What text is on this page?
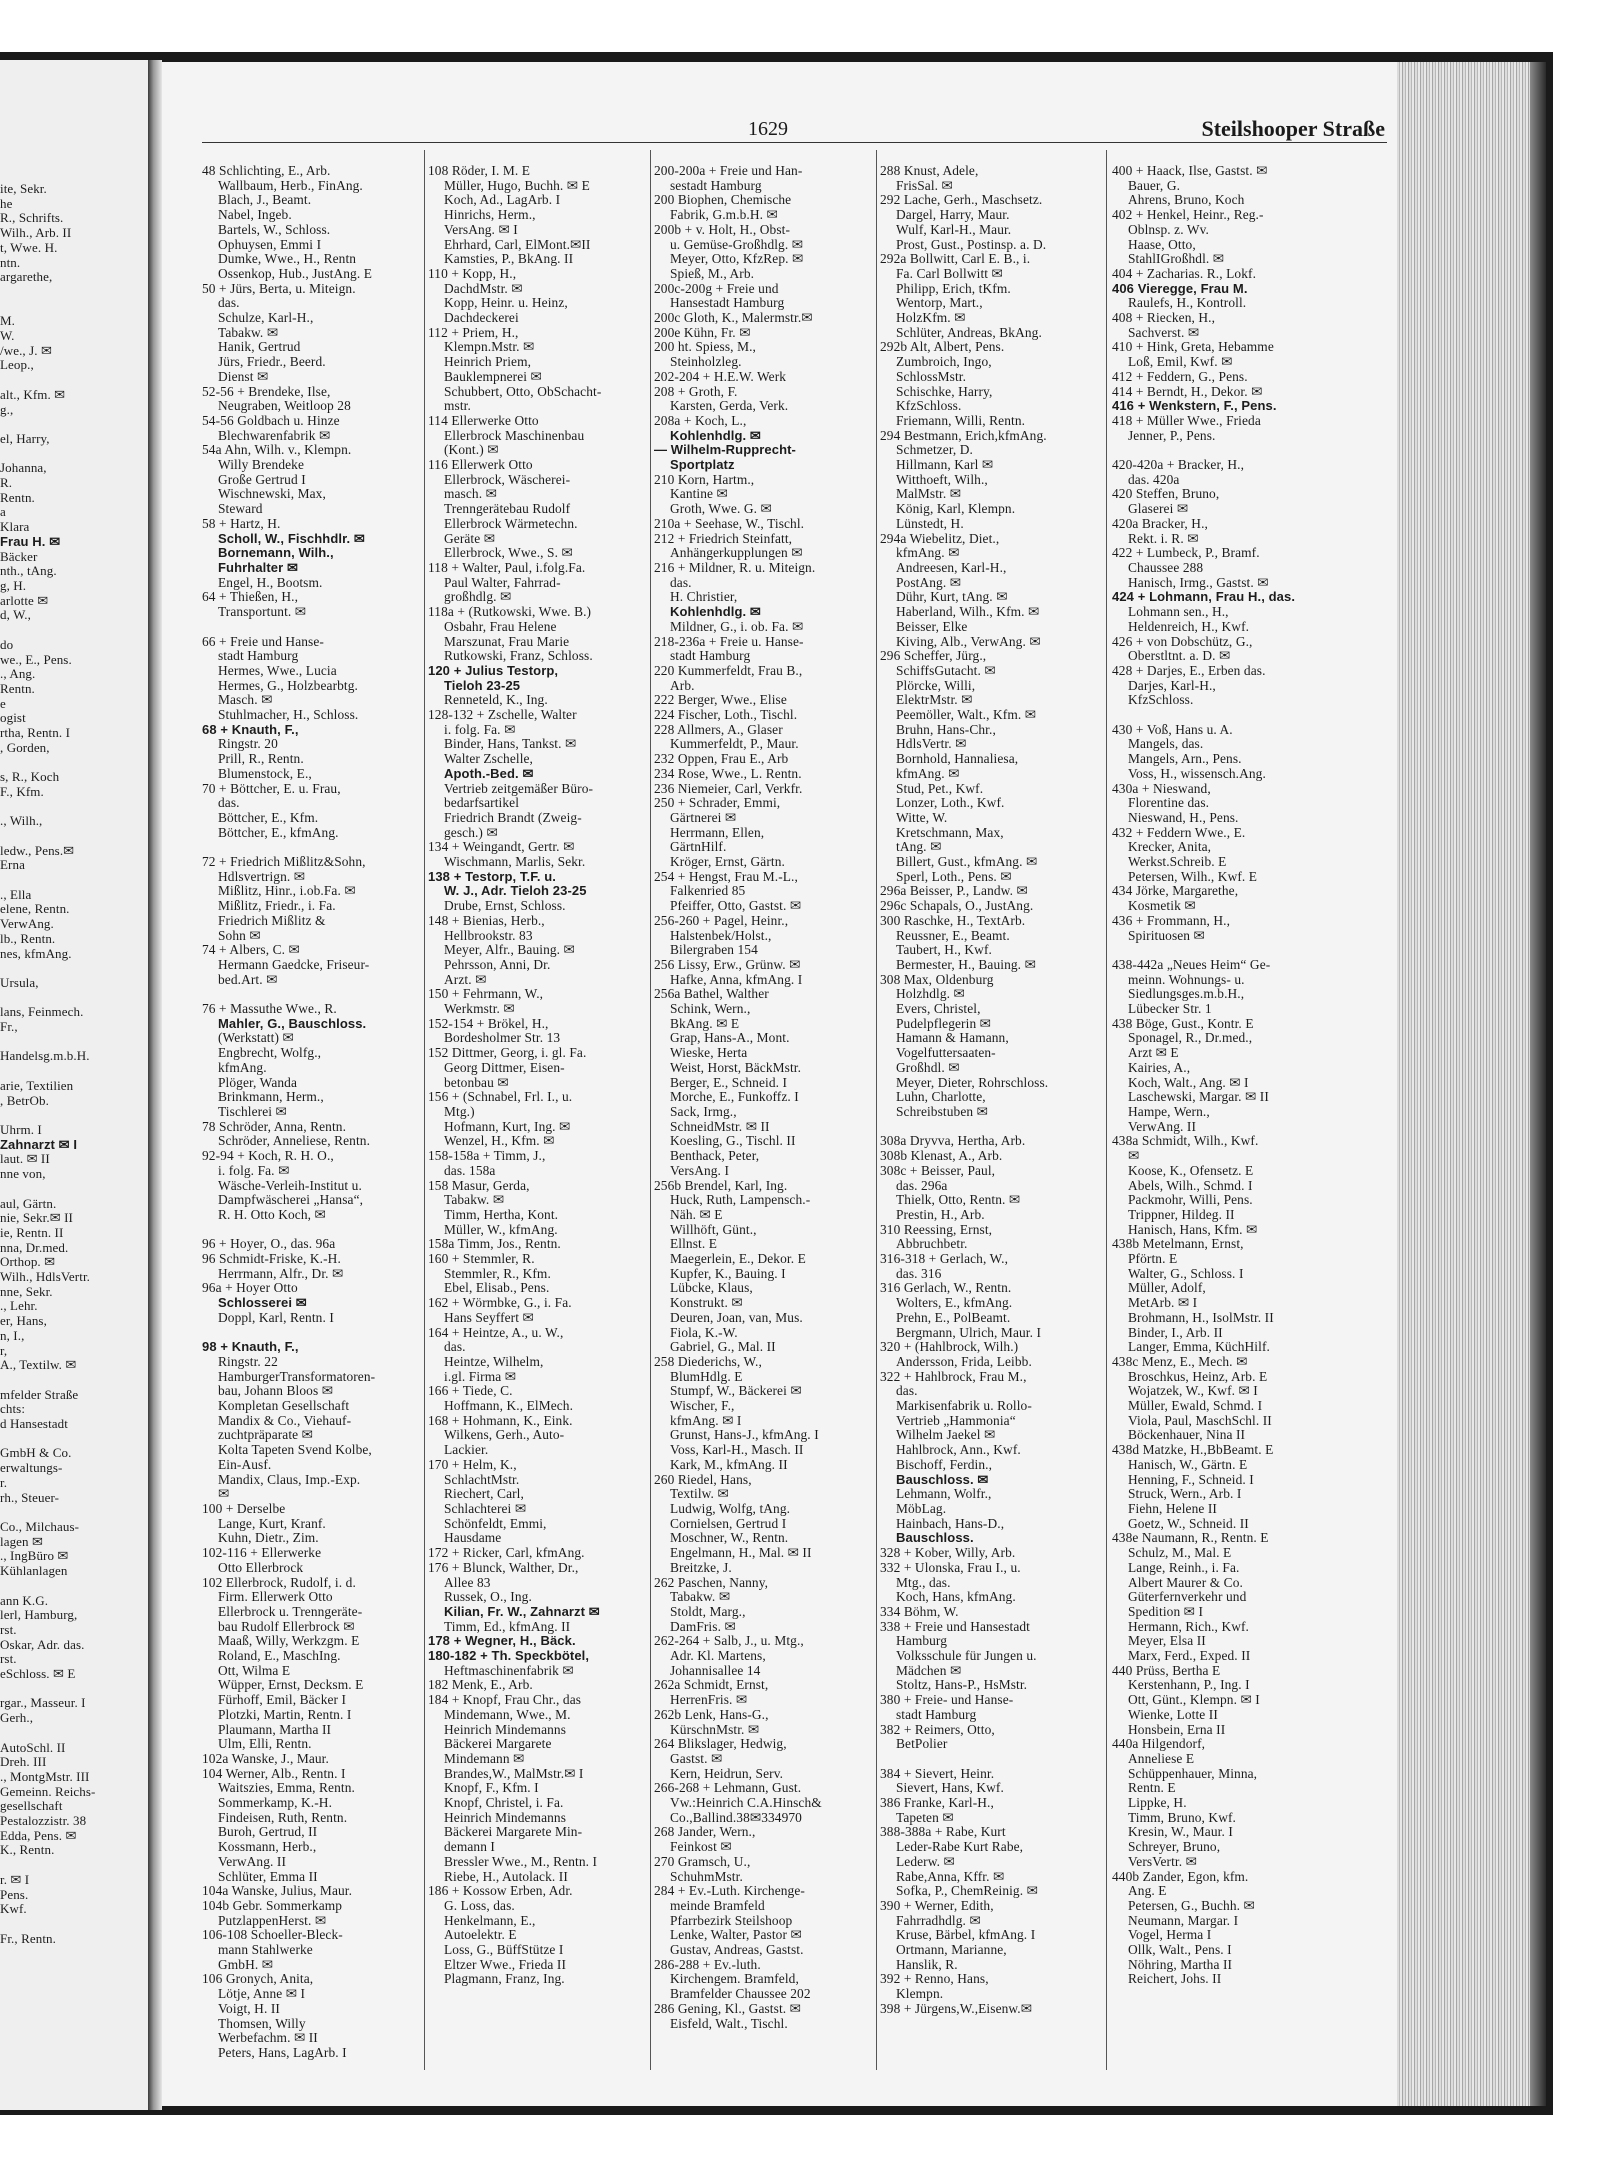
ite, Sekr.
he
R., Schrifts.
Wilh., Arb. II
t, Wwe. H.
ntn.
argarethe,

M.
W.
/we., J. ✉
Leop.,

alt., Kfm. ✉
g.,

el, Harry,

Johanna,
R.
Rentn.
a
Klara
Frau H. ✉
Bäcker
nth., tAng.
g, H.
arlotte ✉
d, W.,

do
we., E., Pens.
., Ang.
Rentn.
e
ogist
rtha, Rentn. I
, Gorden,

s, R., Koch
F., Kfm.

., Wilh.,

ledw., Pens.✉
Erna

., Ella
elene, Rentn.
VerwAng.
lb., Rentn.
nes, kfmAng.

Ursula,

lans, Feinmech.
Fr.,

Handelsg.m.b.H.

arie, Textilien
, BetrOb.

Uhrm. I
Zahnarzt ✉ I
laut. ✉ II
nne von,

aul, Gärtn.
nie, Sekr.✉ II
ie, Rentn. II
nna, Dr.med.
Orthop. ✉
Wilh., HdlsVertr.
nne, Sekr.
., Lehr.
er, Hans,
n, I.,
r,
A., Textilw. ✉

mfelder Straße
chts:
d Hansestadt

GmbH & Co.
erwaltungs-
r.
rh., Steuer-

Co., Milchaus-
lagen ✉
., IngBüro ✉
Kühlanlagen

ann K.G.
lerl, Hamburg,
rst.
Oskar, Adr. das.
rst.
eSchloss. ✉ E

rgar., Masseur. I
Gerh.,

AutoSchl. II
Dreh. III
., MontgMstr. III
Gemeinn. Reichs-
gesellschaft
Pestalozzistr. 38
Edda, Pens. ✉
K., Rentn.

r. ✉ I
Pens.
Kwf.

Fr., Rentn.
1629	Steilshooper Straße
48 Schlichting, E., Arb.
Wallbaum, Herb., FinAng.
Blach, J., Beamt.
Nabel, Ingeb.
Bartels, W., Schloss.
Ophuysen, Emmi I
Dumke, Wwe., H., Rentn
Ossenkop, Hub., JustAng. E
50 + Jürs, Berta, u. Miteign.
das.
Schulze, Karl-H.,
Tabakw. ✉
Hanik, Gertrud
Jürs, Friedr., Beerd.
Dienst ✉
52-56 + Brendeke, Ilse,
Neugraben, Weitloop 28
54-56 Goldbach u. Hinze
Blechwarenfabrik ✉
54a Ahn, Wilh. v., Klempn.
Willy Brendeke
Große Gertrud I
Wischnewski, Max,
Steward
58 + Hartz, H.
Scholl, W., Fischhdlr. ✉
Bornemann, Wilh.,
Fuhrhalter ✉
Engel, H., Bootsm.
64 + Thießen, H.,
Transportunt. ✉

66 + Freie und Hanse-
stadt Hamburg
Hermes, Wwe., Lucia
Hermes, G., Holzbearbtg.
Masch. ✉
Stuhlmacher, H., Schloss.
68 + Knauth, F.,
Ringstr. 20
Prill, R., Rentn.
Blumenstock, E.,
70 + Böttcher, E. u. Frau,
das.
Böttcher, E., Kfm.
Böttcher, E., kfmAng.

72 + Friedrich Mißlitz&Sohn,
Hdlsvertrign. ✉
Mißlitz, Hinr., i.ob.Fa. ✉
Mißlitz, Friedr., i. Fa.
Friedrich Mißlitz &
Sohn ✉
74 + Albers, C. ✉
Hermann Gaedcke, Friseur-
bed.Art. ✉

76 + Massuthe Wwe., R.
Mahler, G., Bauschloss.
(Werkstatt) ✉
Engbrecht, Wolfg.,
kfmAng.
Plöger, Wanda
Brinkmann, Herm.,
Tischlerei ✉
78 Schröder, Anna, Rentn.
Schröder, Anneliese, Rentn.
92-94 + Koch, R. H. O.,
i. folg. Fa. ✉
Wäsche-Verleih-Institut u.
Dampfwäscherei „Hansa“,
R. H. Otto Koch, ✉

96 + Hoyer, O., das. 96a
96 Schmidt-Friske, K.-H.
Herrmann, Alfr., Dr. ✉
96a + Hoyer Otto
Schlosserei ✉
Doppl, Karl, Rentn. I

98 + Knauth, F.,
Ringstr. 22
HamburgerTransformatoren-
bau, Johann Bloos ✉
Kompletan Gesellschaft
Mandix & Co., Viehauf-
zuchtpräparate ✉
Kolta Tapeten Svend Kolbe,
Ein-Ausf.
Mandix, Claus, Imp.-Exp.
✉
100 + Derselbe
Lange, Kurt, Kranf.
Kuhn, Dietr., Zim.
102-116 + Ellerwerke
Otto Ellerbrock
102 Ellerbrock, Rudolf, i. d.
Firm. Ellerwerk Otto
Ellerbrock u. Trenngeräte-
bau Rudolf Ellerbrock ✉
Maaß, Willy, Werkzgm. E
Roland, E., MaschIng.
Ott, Wilma E
Wüpper, Ernst, Decksm. E
Fürhoff, Emil, Bäcker I
Plotzki, Martin, Rentn. I
Plaumann, Martha II
Ulm, Elli, Rentn.
102a Wanske, J., Maur.
104 Werner, Alb., Rentn. I
Waitszies, Emma, Rentn.
Sommerkamp, K.-H.
Findeisen, Ruth, Rentn.
Buroh, Gertrud, II
Kossmann, Herb.,
VerwAng. II
Schlüter, Emma II
104a Wanske, Julius, Maur.
104b Gebr. Sommerkamp
PutzlappenHerst. ✉
106-108 Schoeller-Bleck-
mann Stahlwerke
GmbH. ✉
106 Gronych, Anita,
Lötje, Anne ✉ I
Voigt, H. II
Thomsen, Willy
Werbefachm. ✉ II
Peters, Hans, LagArb. I
108 Röder, I. M. E
Müller, Hugo, Buchh. ✉ E
Koch, Ad., LagArb. I
Hinrichs, Herm.,
VersAng. ✉ I
Ehrhard, Carl, ElMont.✉II
Kamsties, P., BkAng. II
110 + Kopp, H.,
DachdMstr. ✉
Kopp, Heinr. u. Heinz,
Dachdeckerei
112 + Priem, H.,
Klempn.Mstr. ✉
Heinrich Priem,
Bauklempnerei ✉
Schubbert, Otto, ObSchacht-
mstr.
114 Ellerwerke Otto
Ellerbrock Maschinenbau
(Kont.) ✉
116 Ellerwerk Otto
Ellerbrock, Wäscherei-
masch. ✉
Trenngerätebau Rudolf
Ellerbrock Wärmetechn.
Geräte ✉
Ellerbrock, Wwe., S. ✉
118 + Walter, Paul, i.folg.Fa.
Paul Walter, Fahrrad-
großhdlg. ✉
118a + (Rutkowski, Wwe. B.)
Osbahr, Frau Helene
Marszunat, Frau Marie
Rutkowski, Franz, Schloss.
120 + Julius Testorp,
Tieloh 23-25
Renneteld, K., Ing.
128-132 + Zschelle, Walter
i. folg. Fa. ✉
Binder, Hans, Tankst. ✉
Walter Zschelle,
Apoth.-Bed. ✉
Vertrieb zeitgemäßer Büro-
bedarfsartikel
Friedrich Brandt (Zweig-
gesch.) ✉
134 + Weingandt, Gertr. ✉
Wischmann, Marlis, Sekr.
138 + Testorp, T.F. u.
W. J., Adr. Tieloh 23-25
Drube, Ernst, Schloss.
148 + Bienias, Herb.,
Hellbrookstr. 83
Meyer, Alfr., Bauing. ✉
Pehrsson, Anni, Dr.
Arzt. ✉
150 + Fehrmann, W.,
Werkmstr. ✉
152-154 + Brökel, H.,
Bordesholmer Str. 13
152 Dittmer, Georg, i. gl. Fa.
Georg Dittmer, Eisen-
betonbau ✉
156 + (Schnabel, Frl. I., u.
Mtg.)
Hofmann, Kurt, Ing. ✉
Wenzel, H., Kfm. ✉
158-158a + Timm, J.,
das. 158a
158 Masur, Gerda,
Tabakw. ✉
Timm, Hertha, Kont.
Müller, W., kfmAng.
158a Timm, Jos., Rentn.
160 + Stemmler, R.
Stemmler, R., Kfm.
Ebel, Elisab., Pens.
162 + Wörmbke, G., i. Fa.
Hans Seyffert ✉
164 + Heintze, A., u. W.,
das.
Heintze, Wilhelm,
i.gl. Firma ✉
166 + Tiede, C.
Hoffmann, K., ElMech.
168 + Hohmann, K., Eink.
Wilkens, Gerh., Auto-
Lackier.
170 + Helm, K.,
SchlachtMstr.
Riechert, Carl,
Schlachterei ✉
Schönfeldt, Emmi,
Hausdame
172 + Ricker, Carl, kfmAng.
176 + Blunck, Walther, Dr.,
Allee 83
Russek, O., Ing.
Kilian, Fr. W., Zahnarzt ✉
Timm, Ed., kfmAng. II
178 + Wegner, H., Bäck.
180-182 + Th. Speckbötel,
Heftmaschinenfabrik ✉
182 Menk, E., Arb.
184 + Knopf, Frau Chr., das
Mindemann, Wwe., M.
Heinrich Mindemanns
Bäckerei Margarete
Mindemann ✉
Brandes,W., MalMstr.✉ I
Knopf, F., Kfm. I
Knopf, Christel, i. Fa.
Heinrich Mindemanns
Bäckerei Margarete Min-
demann I
Bressler Wwe., M., Rentn. I
Riebe, H., Autolack. II
186 + Kossow Erben, Adr.
G. Loss, das.
Henkelmann, E.,
Autoelektr. E
Loss, G., BüffStütze I
Eltzer Wwe., Frieda II
Plagmann, Franz, Ing.
200-200a + Freie und Han-
sestadt Hamburg
200 Biophen, Chemische
Fabrik, G.m.b.H. ✉
200b + v. Holt, H., Obst-
u. Gemüse-Großhdlg. ✉
Meyer, Otto, KfzRep. ✉
Spieß, M., Arb.
200c-200g + Freie und
Hansestadt Hamburg
200c Gloth, K., Malermstr.✉
200e Kühn, Fr. ✉
200 ht. Spiess, M.,
Steinholzleg.
202-204 + H.E.W. Werk
208 + Groth, F.
Karsten, Gerda, Verk.
208a + Koch, L.,
Kohlenhdlg. ✉
— Wilhelm-Rupprecht-
Sportplatz
210 Korn, Hartm.,
Kantine ✉
Groth, Wwe. G. ✉
210a + Seehase, W., Tischl.
212 + Friedrich Steinfatt,
Anhängerkupplungen ✉
216 + Mildner, R. u. Miteign.
das.
H. Christier,
Kohlenhdlg. ✉
Mildner, G., i. ob. Fa. ✉
218-236a + Freie u. Hanse-
stadt Hamburg
220 Kummerfeldt, Frau B.,
Arb.
222 Berger, Wwe., Elise
224 Fischer, Loth., Tischl.
228 Allmers, A., Glaser
Kummerfeldt, P., Maur.
232 Oppen, Frau E., Arb
234 Rose, Wwe., L. Rentn.
236 Niemeier, Carl, Verkfr.
250 + Schrader, Emmi,
Gärtnerei ✉
Herrmann, Ellen,
GärtnHilf.
Kröger, Ernst, Gärtn.
254 + Hengst, Frau M.-L.,
Falkenried 85
Pfeiffer, Otto, Gastst. ✉
256-260 + Pagel, Heinr.,
Halstenbek/Holst.,
Bilergraben 154
256 Lissy, Erw., Grünw. ✉
Hafke, Anna, kfmAng. I
256a Bathel, Walther
Schink, Wern.,
BkAng. ✉ E
Grap, Hans-A., Mont.
Wieske, Herta
Weist, Horst, BäckMstr.
Berger, E., Schneid. I
Morche, E., Funkoffz. I
Sack, Irmg.,
SchneidMstr. ✉ II
Koesling, G., Tischl. II
Benthack, Peter,
VersAng. I
256b Brendel, Karl, Ing.
Huck, Ruth, Lampensch.-
Näh. ✉ E
Willhöft, Günt.,
Ellnst. E
Maegerlein, E., Dekor. E
Kupfer, K., Bauing. I
Lübcke, Klaus,
Konstrukt. ✉
Deuren, Joan, van, Mus.
Fiola, K.-W.
Gabriel, G., Mal. II
258 Diederichs, W.,
BlumHdlg. E
Stumpf, W., Bäckerei ✉
Wischer, F.,
kfmAng. ✉ I
Grunst, Hans-J., kfmAng. I
Voss, Karl-H., Masch. II
Kark, M., kfmAng. II
260 Riedel, Hans,
Textilw. ✉
Ludwig, Wolfg, tAng.
Cornielsen, Gertrud I
Moschner, W., Rentn.
Engelmann, H., Mal. ✉ II
Breitzke, J.
262 Paschen, Nanny,
Tabakw. ✉
Stoldt, Marg.,
DamFris. ✉
262-264 + Salb, J., u. Mtg.,
Adr. Kl. Martens,
Johannisallee 14
262a Schmidt, Ernst,
HerrenFris. ✉
262b Lenk, Hans-G.,
KürschnMstr. ✉
264 Blikslager, Hedwig,
Gastst. ✉
Kern, Heidrun, Serv.
266-268 + Lehmann, Gust.
Vw.:Heinrich C.A.Hinsch&
Co.,Ballind.38✉334970
268 Jander, Wern.,
Feinkost ✉
270 Gramsch, U.,
SchuhmMstr.
284 + Ev.-Luth. Kirchenge-
meinde Bramfeld
Pfarrbezirk Steilshoop
Lenke, Walter, Pastor ✉
Gustav, Andreas, Gastst.
286-288 + Ev.-luth.
Kirchengem. Bramfeld,
Bramfelder Chaussee 202
286 Gening, Kl., Gastst. ✉
Eisfeld, Walt., Tischl.
288 Knust, Adele,
FrisSal. ✉
292 Lache, Gerh., Maschsetz.
Dargel, Harry, Maur.
Wulf, Karl-H., Maur.
Prost, Gust., Postinsp. a. D.
292a Bollwitt, Carl E. B., i.
Fa. Carl Bollwitt ✉
Philipp, Erich, tKfm.
Wentorp, Mart.,
HolzKfm. ✉
Schlüter, Andreas, BkAng.
292b Alt, Albert, Pens.
Zumbroich, Ingo,
SchlossMstr.
Schischke, Harry,
KfzSchloss.
Friemann, Willi, Rentn.
294 Bestmann, Erich,kfmAng.
Schmetzer, D.
Hillmann, Karl ✉
Witthoeft, Wilh.,
MalMstr. ✉
König, Karl, Klempn.
Lünstedt, H.
294a Wiebelitz, Diet.,
kfmAng. ✉
Andreesen, Karl-H.,
PostAng. ✉
Dühr, Kurt, tAng. ✉
Haberland, Wilh., Kfm. ✉
Beisser, Elke
Kiving, Alb., VerwAng. ✉
296 Scheffer, Jürg.,
SchiffsGutacht. ✉
Plörcke, Willi,
ElektrMstr. ✉
Peemöller, Walt., Kfm. ✉
Bruhn, Hans-Chr.,
HdlsVertr. ✉
Bornhold, Hannaliesa,
kfmAng. ✉
Stud, Pet., Kwf.
Lonzer, Loth., Kwf.
Witte, W.
Kretschmann, Max,
tAng. ✉
Billert, Gust., kfmAng. ✉
Sperl, Loth., Pens. ✉
296a Beisser, P., Landw. ✉
296c Schapals, O., JustAng.
300 Raschke, H., TextArb.
Reussner, E., Beamt.
Taubert, H., Kwf.
Bermester, H., Bauing. ✉
308 Max, Oldenburg
Holzhdlg. ✉
Evers, Christel,
Pudelpflegerin ✉
Hamann & Hamann,
Vogelfuttersaaten-
Großhdl. ✉
Meyer, Dieter, Rohrschloss.
Luhn, Charlotte,
Schreibstuben ✉

308a Dryvva, Hertha, Arb.
308b Klenast, A., Arb.
308c + Beisser, Paul,
das. 296a
Thielk, Otto, Rentn. ✉
Prestin, H., Arb.
310 Reessing, Ernst,
Abbruchbetr.
316-318 + Gerlach, W.,
das. 316
316 Gerlach, W., Rentn.
Wolters, E., kfmAng.
Prehn, E., PolBeamt.
Bergmann, Ulrich, Maur. I
320 + (Hahlbrock, Wilh.)
Andersson, Frida, Leibb.
322 + Hahlbrock, Frau M.,
das.
Markisenfabrik u. Rollo-
Vertrieb „Hammonia“
Wilhelm Jaekel ✉
Hahlbrock, Ann., Kwf.
Bischoff, Ferdin.,
Bauschloss. ✉
Lehmann, Wolfr.,
MöbLag.
Hainbach, Hans-D.,
Bauschloss.
328 + Kober, Willy, Arb.
332 + Ulonska, Frau I., u.
Mtg., das.
Koch, Hans, kfmAng.
334 Böhm, W.
338 + Freie und Hansestadt
Hamburg
Volksschule für Jungen u.
Mädchen ✉
Stoltz, Hans-P., HsMstr.
380 + Freie- und Hanse-
stadt Hamburg
382 + Reimers, Otto,
BetPolier

384 + Sievert, Heinr.
Sievert, Hans, Kwf.
386 Franke, Karl-H.,
Tapeten ✉
388-388a + Rabe, Kurt
Leder-Rabe Kurt Rabe,
Lederw. ✉
Rabe,Anna, Kffr. ✉
Sofka, P., ChemReinig. ✉
390 + Werner, Edith,
Fahrradhdlg. ✉
Kruse, Bärbel, kfmAng. I
Ortmann, Marianne,
Hanslik, R.
392 + Renno, Hans,
Klempn.
398 + Jürgens,W.,Eisenw.✉
400 + Haack, Ilse, Gastst. ✉
Bauer, G.
Ahrens, Bruno, Koch
402 + Henkel, Heinr., Reg.-
Oblnsp. z. Wv.
Haase, Otto,
StahlIGroßhdl. ✉
404 + Zacharias. R., Lokf.
406 Vieregge, Frau M.
Raulefs, H., Kontroll.
408 + Riecken, H.,
Sachverst. ✉
410 + Hink, Greta, Hebamme
Loß, Emil, Kwf. ✉
412 + Feddern, G., Pens.
414 + Berndt, H., Dekor. ✉
416 + Wenkstern, F., Pens.
418 + Müller Wwe., Frieda
Jenner, P., Pens.

420-420a + Bracker, H.,
das. 420a
420 Steffen, Bruno,
Glaserei ✉
420a Bracker, H.,
Rekt. i. R. ✉
422 + Lumbeck, P., Bramf.
Chaussee 288
Hanisch, Irmg., Gastst. ✉
424 + Lohmann, Frau H., das.
Lohmann sen., H.,
Heldenreich, H., Kwf.
426 + von Dobschütz, G.,
Oberstltnt. a. D. ✉
428 + Darjes, E., Erben das.
Darjes, Karl-H.,
KfzSchloss.

430 + Voß, Hans u. A.
Mangels, das.
Mangels, Arn., Pens.
Voss, H., wissensch.Ang.
430a + Nieswand,
Florentine das.
Nieswand, H., Pens.
432 + Feddern Wwe., E.
Krecker, Anita,
Werkst.Schreib. E
Petersen, Wilh., Kwf. E
434 Jörke, Margarethe,
Kosmetik ✉
436 + Frommann, H.,
Spirituosen ✉

438-442a „Neues Heim“ Ge-
meinn. Wohnungs- u.
Siedlungsges.m.b.H.,
Lübecker Str. 1
438 Böge, Gust., Kontr. E
Sponagel, R., Dr.med.,
Arzt ✉ E
Kairies, A.,
Koch, Walt., Ang. ✉ I
Laschewski, Margar. ✉ II
Hampe, Wern.,
VerwAng. II
438a Schmidt, Wilh., Kwf.
✉
Koose, K., Ofensetz. E
Abels, Wilh., Schmd. I
Packmohr, Willi, Pens.
Trippner, Hildeg. II
Hanisch, Hans, Kfm. ✉
438b Metelmann, Ernst,
Pförtn. E
Walter, G., Schloss. I
Müller, Adolf,
MetArb. ✉ I
Brohmann, H., IsolMstr. II
Binder, I., Arb. II
Langer, Emma, KüchHilf.
438c Menz, E., Mech. ✉
Broschkus, Heinz, Arb. E
Wojatzek, W., Kwf. ✉ I
Müller, Ewald, Schmd. I
Viola, Paul, MaschSchl. II
Böckenhauer, Nina II
438d Matzke, H.,BbBeamt. E
Hanisch, W., Gärtn. E
Henning, F., Schneid. I
Struck, Wern., Arb. I
Fiehn, Helene II
Goetz, W., Schneid. II
438e Naumann, R., Rentn. E
Schulz, M., Mal. E
Lange, Reinh., i. Fa.
Albert Maurer & Co.
Güterfernverkehr und
Spedition ✉ I
Hermann, Rich., Kwf.
Meyer, Elsa II
Marx, Ferd., Exped. II
440 Prüss, Bertha E
Kerstenhann, P., Ing. I
Ott, Günt., Klempn. ✉ I
Wienke, Lotte II
Honsbein, Erna II
440a Hilgendorf,
Anneliese E
Schüppenhauer, Minna,
Rentn. E
Lippke, H.
Timm, Bruno, Kwf.
Kresin, W., Maur. I
Schreyer, Bruno,
VersVertr. ✉
440b Zander, Egon, kfm.
Ang. E
Petersen, G., Buchh. ✉
Neumann, Margar. I
Vogel, Herma I
Ollk, Walt., Pens. I
Nöhring, Martha II
Reichert, Johs. II
